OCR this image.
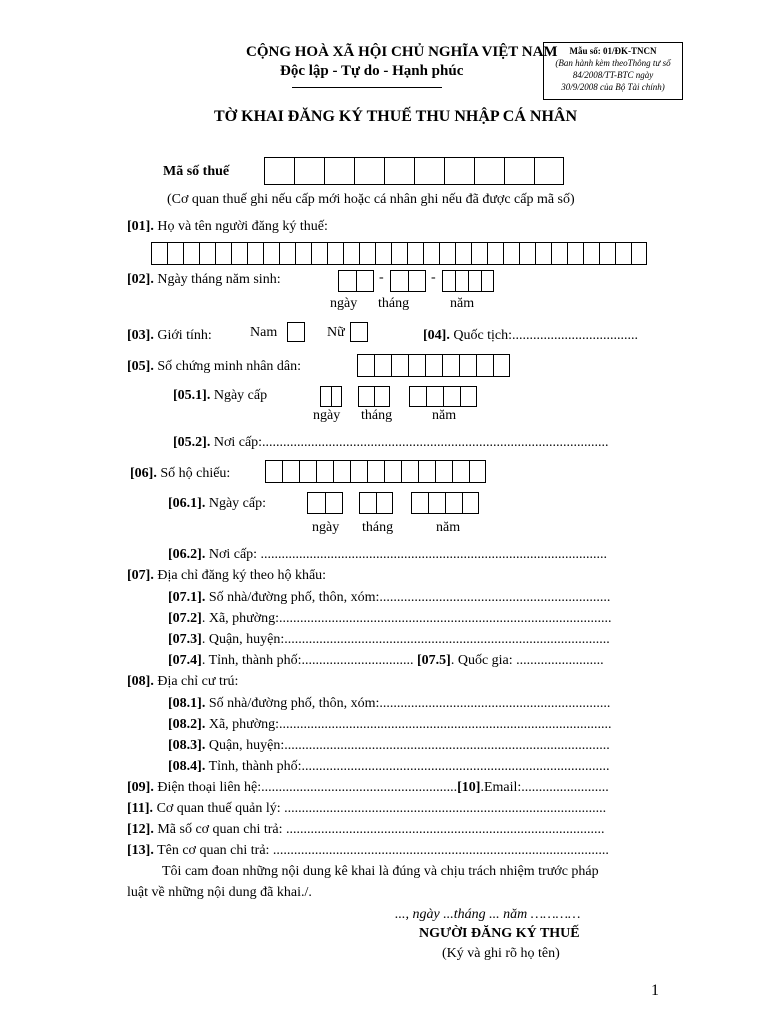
CỘNG HOÀ XÃ HỘI CHỦ NGHĨA VIỆT NAM
Độc lập - Tự do - Hạnh phúc
Mẫu số: 01/ĐK-TNCN
(Ban hành kèm theoThông tư số
84/2008/TT-BTC ngày
30/9/2008 của Bộ Tài chính)
TỜ KHAI ĐĂNG KÝ THUẾ THU NHẬP CÁ NHÂN
Mã số thuế
(Cơ quan thuế ghi nếu cấp mới hoặc cá nhân ghi nếu đã được cấp mã số)
[01]. Họ và tên người đăng ký thuế:
[02]. Ngày tháng năm sinh:	-	-
ngày tháng	năm
[03]. Giới tính:	Nam	Nữ	[04]. Quốc tịch:....................................
[05]. Số chứng minh nhân dân:
[05.1]. Ngày cấp
ngày tháng	năm
[05.2]. Nơi cấp:...................................................................................................
[06]. Số hộ chiếu:
[06.1]. Ngày cấp:
ngày tháng	năm
[06.2]. Nơi cấp: ...................................................................................................
[07]. Địa chỉ đăng ký theo hộ khẩu:
[07.1]. Số nhà/đường phố, thôn, xóm:..................................................................
[07.2]. Xã, phường:...............................................................................................
[07.3]. Quận, huyện:.............................................................................................
[07.4]. Tỉnh, thành phố:................................ [07.5]. Quốc gia: .........................
[08]. Địa chỉ cư trú:
[08.1]. Số nhà/đường phố, thôn, xóm:..................................................................
[08.2]. Xã, phường:...............................................................................................
[08.3]. Quận, huyện:.............................................................................................
[08.4]. Tỉnh, thành phố:........................................................................................
[09]. Điện thoại liên hệ:........................................................[10].Email:.........................
[11]. Cơ quan thuế quản lý: ............................................................................................
[12]. Mã số cơ quan chi trả: ...........................................................................................
[13]. Tên cơ quan chi trả: ................................................................................................
Tôi cam đoan những nội dung kê khai là đúng và chịu trách nhiệm trước pháp
luật về những nội dung đã khai./.
..., ngày ...tháng ... năm …………
NGƯỜI ĐĂNG KÝ THUẾ
(Ký và ghi rõ họ tên)
1
